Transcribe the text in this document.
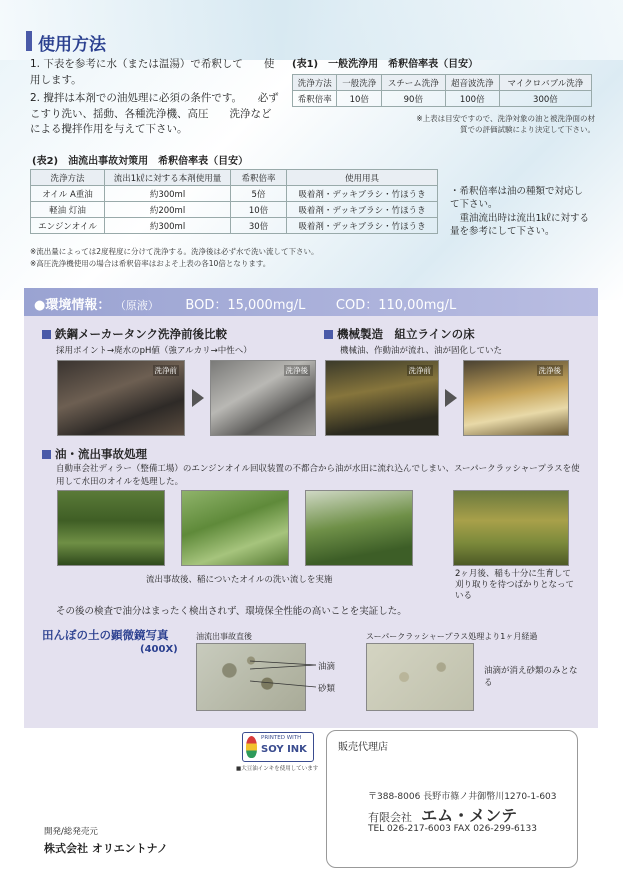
使用方法
1. 下表を参考に水（または温湯）で希釈して　　使用します。
2. 攪拌は本剤での油処理に必須の条件です。　　必ずこすり洗い、揺動、各種洗浄機、高圧　　洗浄などによる攪拌作用を与えて下さい。
(表1)　一般洗浄用　希釈倍率表（目安）
洗浄方法	一般洗浄	スチーム洗浄	超音波洗浄	マイクロバブル洗浄
希釈倍率	10倍	90倍	100倍	300倍
※上表は目安ですので、洗浄対象の油と被洗浄面の材質での評価試験により決定して下さい。
(表2)　油流出事故対策用　希釈倍率表（目安）
洗浄方法	流出1㎘に対する本剤使用量	希釈倍率	使用用具
オイル A重油	約300ml	5倍	吸着剤・デッキブラシ・竹ほうき
軽油 灯油	約200ml	10倍	吸着剤・デッキブラシ・竹ほうき
エンジンオイル	約300ml	30倍	吸着剤・デッキブラシ・竹ほうき
※流出量によっては2度程度に分けて洗浄する。洗浄後は必ず水で洗い流して下さい。
※高圧洗浄機使用の場合は希釈倍率はおよそ上表の各10倍となります。
・希釈倍率は油の種類で対応し　　て下さい。
　重油流出時は流出1㎘に対する　　量を参考にして下さい。
●環境情報： （原液） BOD：15,000mg/L COD：110,00mg/L
鉄鋼メーカータンク洗浄前後比較
採用ポイント→廃水のpH値（強アルカリ→中性へ）
洗浄前	洗浄後
機械製造　組立ラインの床
機械油、作動油が流れ、油が固化していた
洗浄前	洗浄後
油・流出事故処理
自動車会社ディラー（整備工場）のエンジンオイル回収装置の不都合から油が水田に流れ込んでしまい、スーパークラッシャープラスを使用して水田のオイルを処理した。
流出事故後、稲についたオイルの洗い流しを実施
2ヶ月後、稲も十分に生育して刈り取りを待つばかりとなっている
その後の検査で油分はまったく検出されず、環境保全性能の高いことを実証した。
田んぼの土の顕微鏡写真
(400X)
油流出事故直後
油滴
砂類
スーパークラッシャープラス処理より1ヶ月経過
油滴が消え砂類のみとなる
PRINTED WITH
SOY INK
■大豆油インキを使用しています
開発/総発売元
株式会社 オリエントナノ
販売代理店
〒388-8006 長野市篠ノ井御幣川1270-1-603
有限会社 エム・メンテ
TEL 026-217-6003 FAX 026-299-6133
